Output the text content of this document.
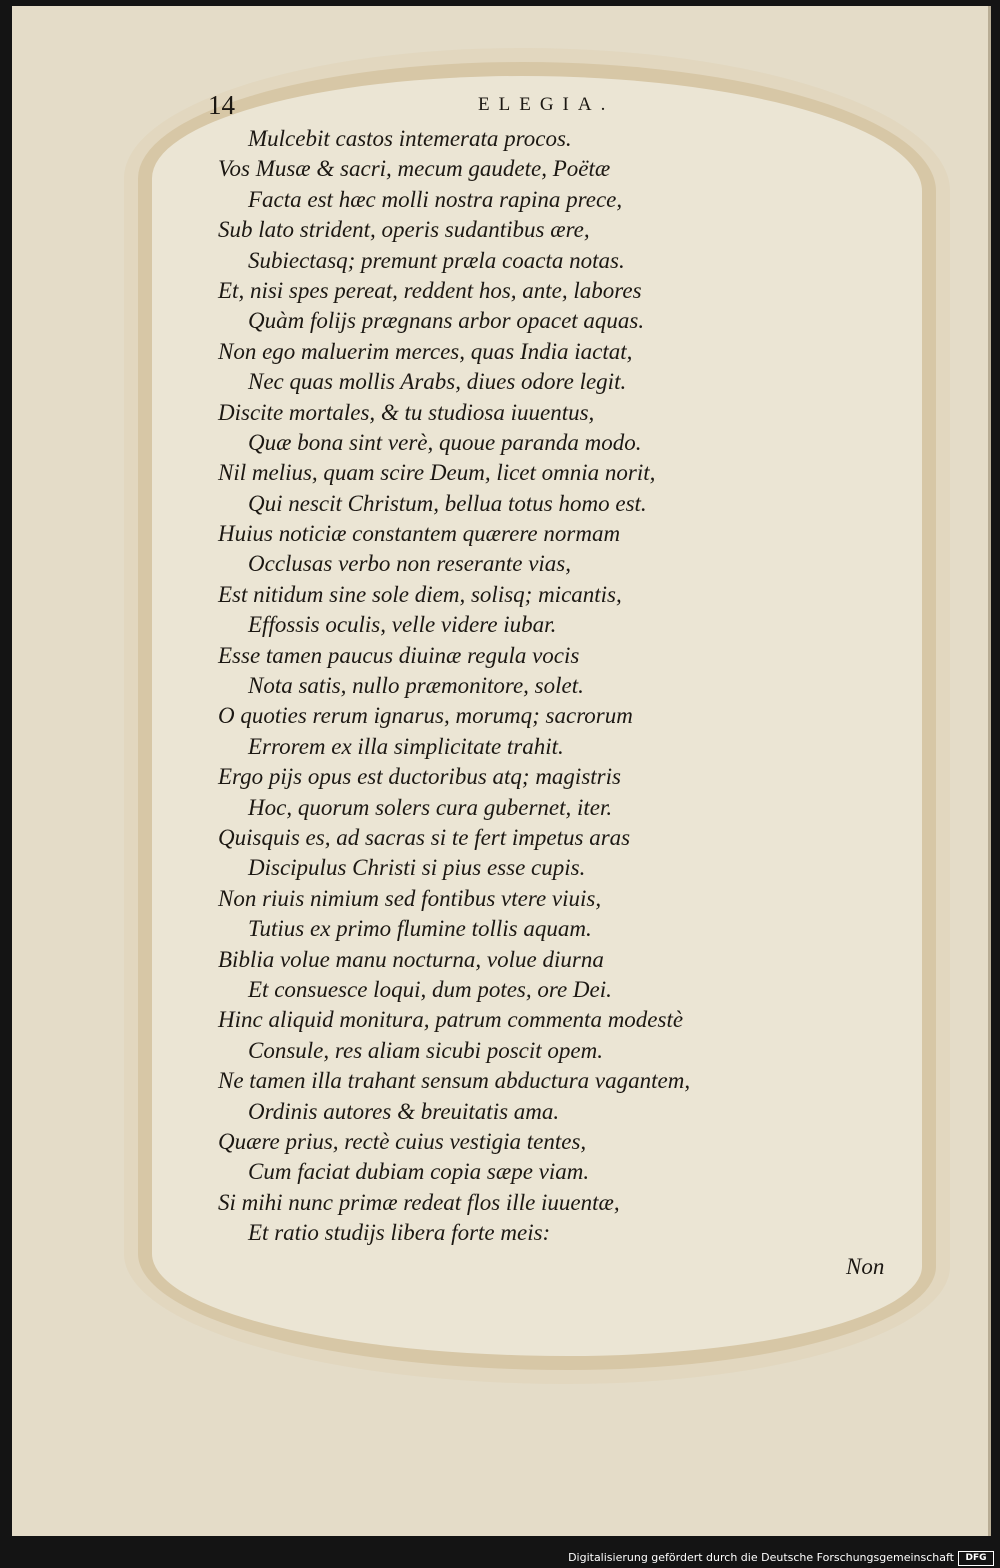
14	ELEGIA.
Mulcebit castos intemerata procos.
Vos Musæ & sacri, mecum gaudete, Poëtæ
Facta est hæc molli nostra rapina prece,
Sub lato strident, operis sudantibus ære,
Subiectasq; premunt præla coacta notas.
Et, nisi spes pereat, reddent hos, ante, labores
Quàm folijs prægnans arbor opacet aquas.
Non ego maluerim merces, quas India iactat,
Nec quas mollis Arabs, diues odore legit.
Discite mortales, & tu studiosa iuuentus,
Quæ bona sint verè, quoue paranda modo.
Nil melius, quam scire Deum, licet omnia norit,
Qui nescit Christum, bellua totus homo est.
Huius noticiæ constantem quærere normam
Occlusas verbo non reserante vias,
Est nitidum sine sole diem, solisq; micantis,
Effossis oculis, velle videre iubar.
Esse tamen paucus diuinæ regula vocis
Nota satis, nullo præmonitore, solet.
O quoties rerum ignarus, morumq; sacrorum
Errorem ex illa simplicitate trahit.
Ergo pijs opus est ductoribus atq; magistris
Hoc, quorum solers cura gubernet, iter.
Quisquis es, ad sacras si te fert impetus aras
Discipulus Christi si pius esse cupis.
Non riuis nimium sed fontibus vtere viuis,
Tutius ex primo flumine tollis aquam.
Biblia volue manu nocturna, volue diurna
Et consuesce loqui, dum potes, ore Dei.
Hinc aliquid monitura, patrum commenta modestè
Consule, res aliam sicubi poscit opem.
Ne tamen illa trahant sensum abductura vagantem,
Ordinis autores & breuitatis ama.
Quære prius, rectè cuius vestigia tentes,
Cum faciat dubiam copia sæpe viam.
Si mihi nunc primæ redeat flos ille iuuentæ,
Et ratio studijs libera forte meis:
Non
Digitalisierung gefördert durch die Deutsche Forschungsgemeinschaft	DFG
